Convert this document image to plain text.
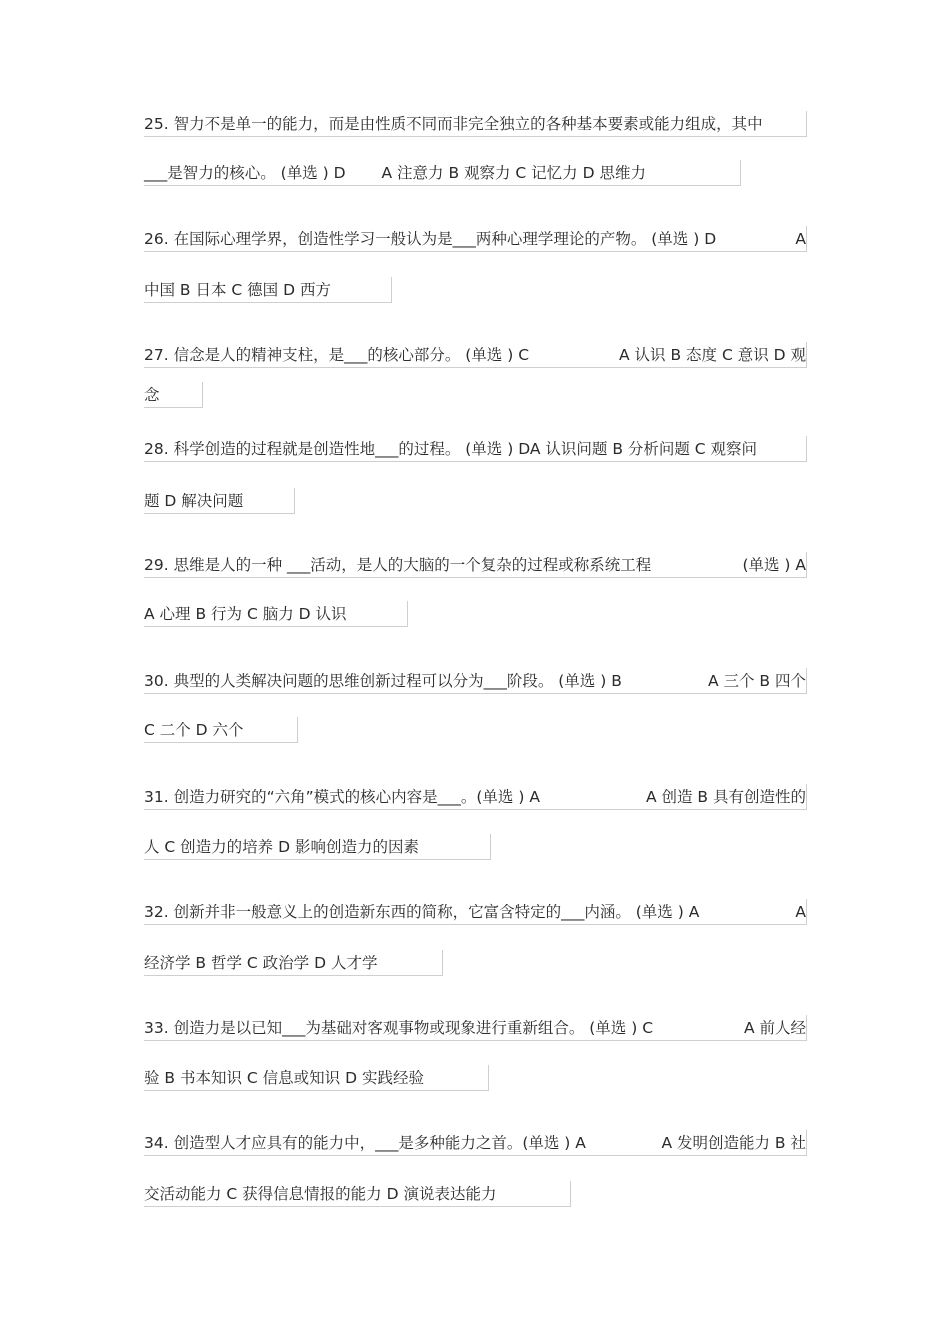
25. 智力不是单一的能力，而是由性质不同而非完全独立的各种基本要素或能力组成，其中
___是智力的核心。 (单选 ) D　　 A 注意力 B 观察力 C 记忆力 D 思维力
26. 在国际心理学界，创造性学习一般认为是___两种心理学理论的产物。 (单选 ) D	A
中国 B 日本 C 德国 D 西方
27. 信念是人的精神支柱，是___的核心部分。 (单选 ) C	A 认识 B 态度 C 意识 D 观
念
28. 科学创造的过程就是创造性地___的过程。 (单选 ) DA 认识问题 B 分析问题 C 观察问
题 D 解决问题
29. 思维是人的一种 ___活动，是人的大脑的一个复杂的过程或称系统工程	(单选 ) A
A 心理 B 行为 C 脑力 D 认识
30. 典型的人类解决问题的思维创新过程可以分为___阶段。 (单选 ) B	A 三个 B 四个
C 二个 D 六个
31. 创造力研究的“六角”模式的核心内容是___。(单选 ) A	A 创造 B 具有创造性的
人 C 创造力的培养 D 影响创造力的因素
32. 创新并非一般意义上的创造新东西的简称，它富含特定的___内涵。 (单选 ) A	A
经济学 B 哲学 C 政治学 D 人才学
33. 创造力是以已知___为基础对客观事物或现象进行重新组合。 (单选 ) C	A 前人经
验 B 书本知识 C 信息或知识 D 实践经验
34. 创造型人才应具有的能力中，___是多种能力之首。(单选 ) A	A 发明创造能力 B 社
交活动能力 C 获得信息情报的能力 D 演说表达能力
